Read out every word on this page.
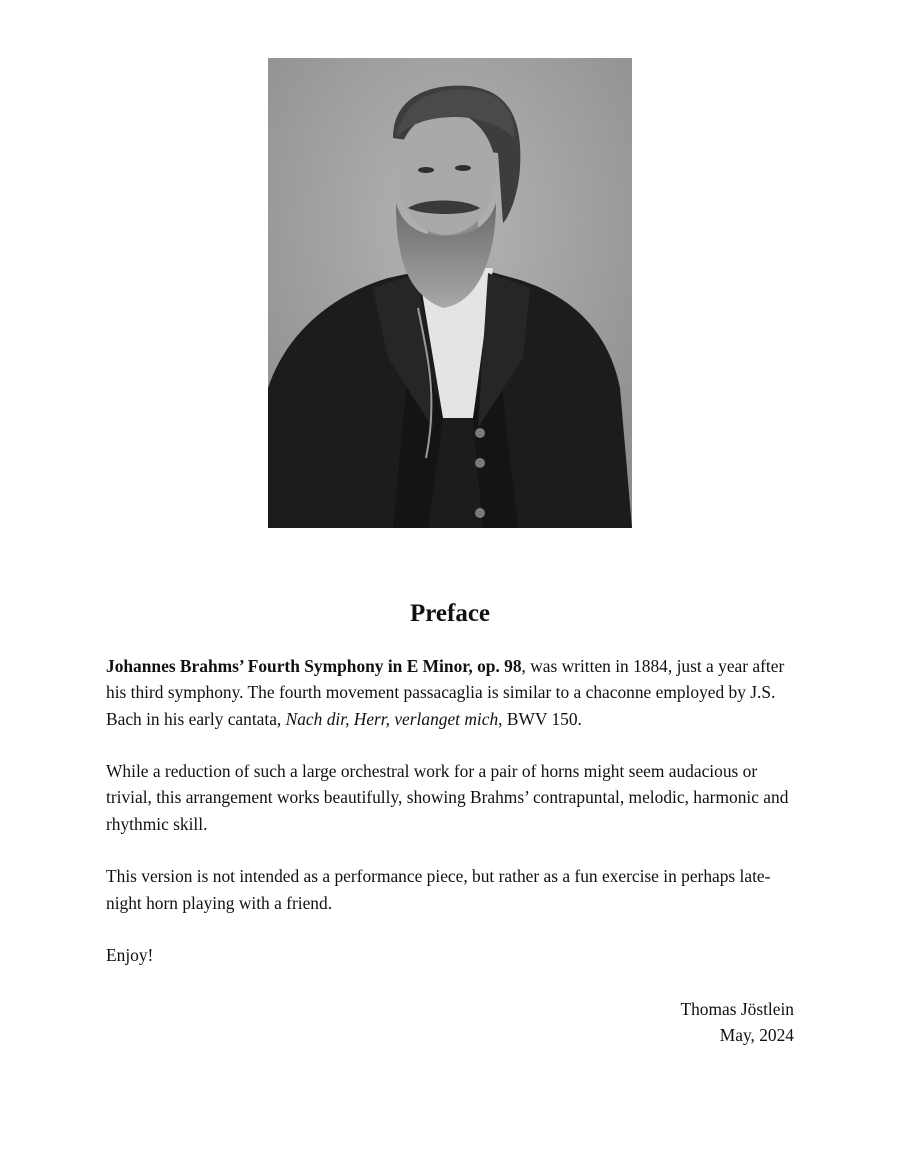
Preface

Johannes Brahms’ Fourth Symphony in E Minor, op. 98, was written in 1884, just a year after his third symphony. The fourth movement passacaglia is similar to a chaconne employed by J.S. Bach in his early cantata, Nach dir, Herr, verlanget mich, BWV 150.

While a reduction of such a large orchestral work for a pair of horns might seem audacious or trivial, this arrangement works beautifully, showing Brahms’ contrapuntal, melodic, harmonic and rhythmic skill.

This version is not intended as a performance piece, but rather as a fun exercise in perhaps late-night horn playing with a friend.

Enjoy!

Thomas Jöstlein
May, 2024
